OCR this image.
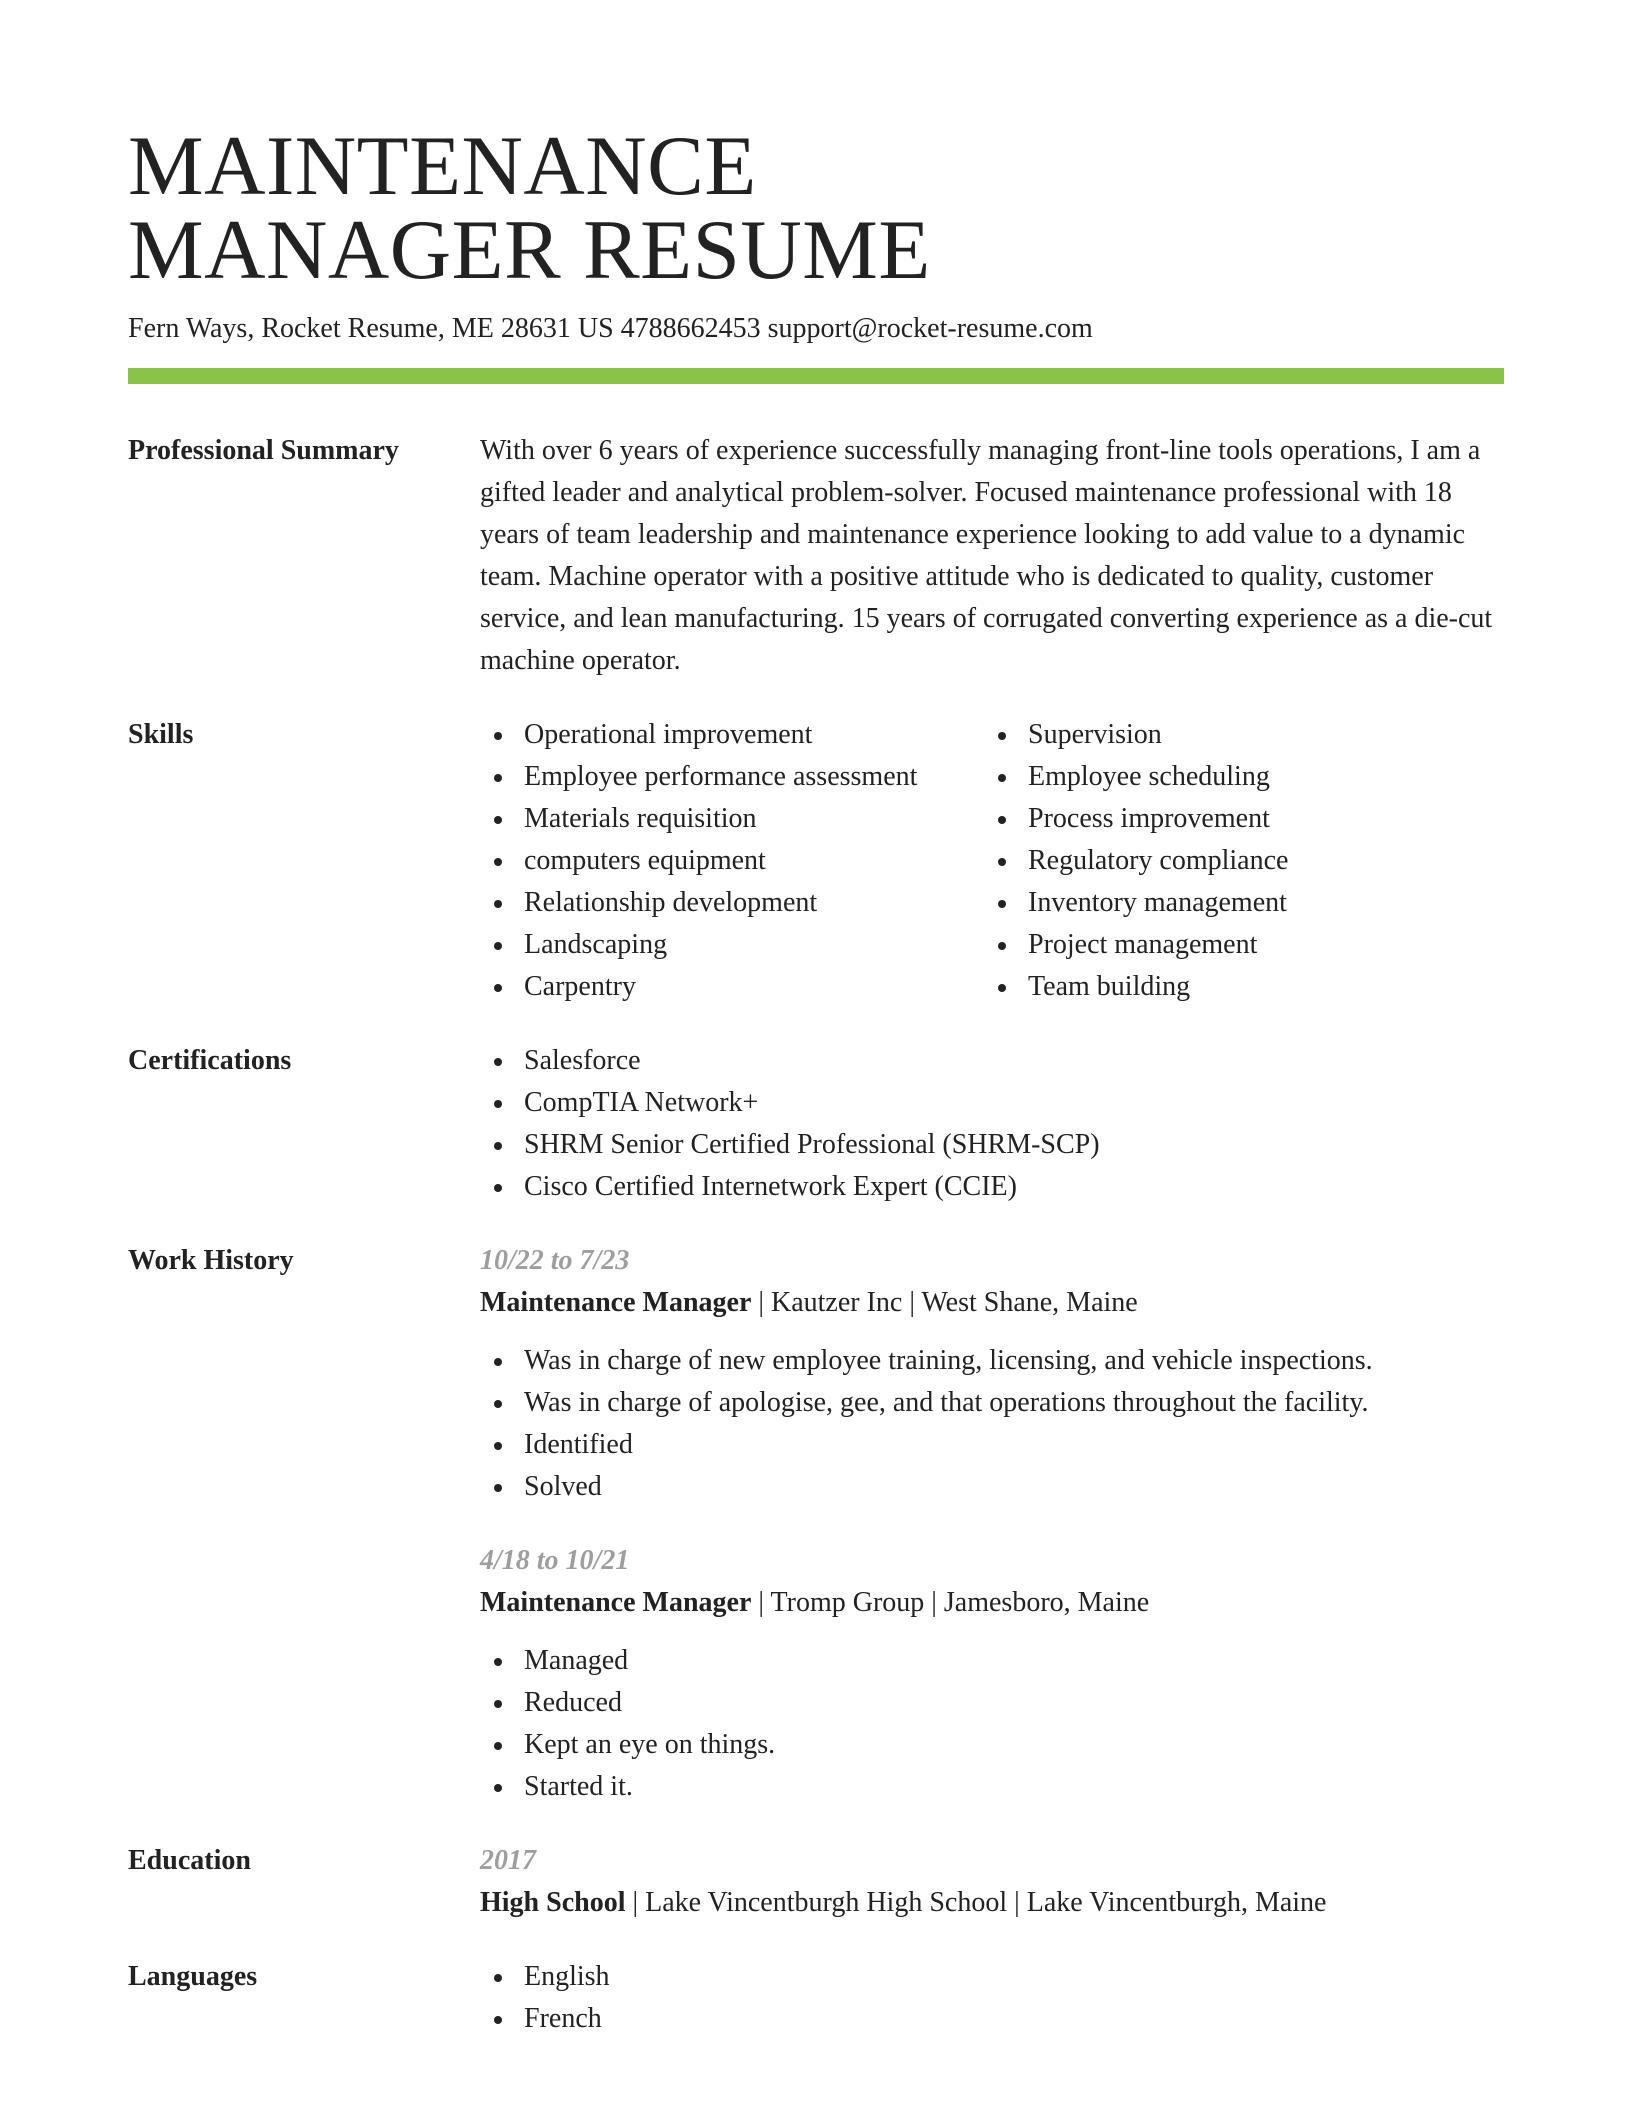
MAINTENANCE
MANAGER RESUME
Fern Ways, Rocket Resume, ME 28631 US 4788662453 support@rocket-resume.com
Professional Summary	With over 6 years of experience successfully managing front-line tools operations, I am a gifted leader and analytical problem-solver. Focused maintenance professional with 18 years of team leadership and maintenance experience looking to add value to a dynamic team. Machine operator with a positive attitude who is dedicated to quality, customer service, and lean manufacturing. 15 years of corrugated converting experience as a die-cut machine operator.

Skills	Operational improvement
Employee performance assessment
Materials requisition
computers equipment
Relationship development
Landscaping
Carpentry
Supervision
Employee scheduling
Process improvement
Regulatory compliance
Inventory management
Project management
Team building
Certifications	Salesforce
CompTIA Network+
SHRM Senior Certified Professional (SHRM-SCP)
Cisco Certified Internetwork Expert (CCIE)
Work History	10/22 to 7/23
Maintenance Manager | Kautzer Inc | West Shane, Maine
Was in charge of new employee training, licensing, and vehicle inspections.
Was in charge of apologise, gee, and that operations throughout the facility.
Identified
Solved
4/18 to 10/21
Maintenance Manager | Tromp Group | Jamesboro, Maine
Managed
Reduced
Kept an eye on things.
Started it.
Education	2017
High School | Lake Vincentburgh High School | Lake Vincentburgh, Maine
Languages	English
French
